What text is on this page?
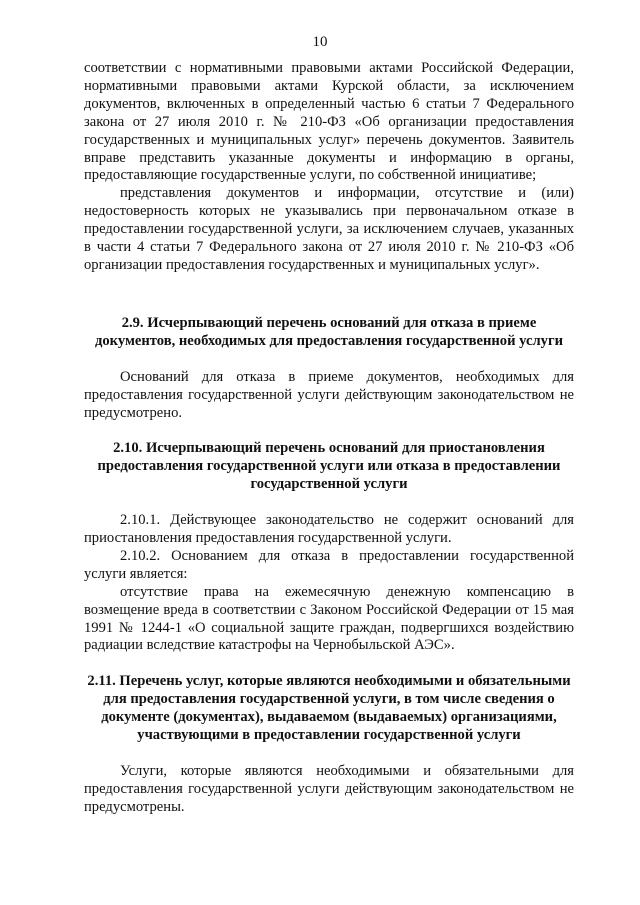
10

соответствии с нормативными правовыми актами Российской Федерации, нормативными правовыми актами Курской области, за исключением документов, включенных в определенный частью 6 статьи 7 Федерального закона от 27 июля 2010 г. № 210-ФЗ «Об организации предоставления государственных и муниципальных услуг» перечень документов. Заявитель вправе представить указанные документы и информацию в органы, предоставляющие государственные услуги, по собственной инициативе;

представления документов и информации, отсутствие и (или) недостоверность которых не указывались при первоначальном отказе в предоставлении государственной услуги, за исключением случаев, указанных в части 4 статьи 7 Федерального закона от 27 июля 2010 г. № 210-ФЗ «Об организации предоставления государственных и муниципальных услуг».

2.9. Исчерпывающий перечень оснований для отказа в приеме документов, необходимых для предоставления государственной услуги

Оснований для отказа в приеме документов, необходимых для предоставления государственной услуги действующим законодательством не предусмотрено.

2.10. Исчерпывающий перечень оснований для приостановления предоставления государственной услуги или отказа в предоставлении государственной услуги

2.10.1. Действующее законодательство не содержит оснований для приостановления предоставления государственной услуги.

2.10.2. Основанием для отказа в предоставлении государственной услуги является:

отсутствие права на ежемесячную денежную компенсацию в возмещение вреда в соответствии с Законом Российской Федерации от 15 мая 1991 № 1244-1 «О социальной защите граждан, подвергшихся воздействию радиации вследствие катастрофы на Чернобыльской АЭС».

2.11. Перечень услуг, которые являются необходимыми и обязательными для предоставления государственной услуги, в том числе сведения о документе (документах), выдаваемом (выдаваемых) организациями, участвующими в предоставлении государственной услуги

Услуги, которые являются необходимыми и обязательными для предоставления государственной услуги действующим законодательством не предусмотрены.
